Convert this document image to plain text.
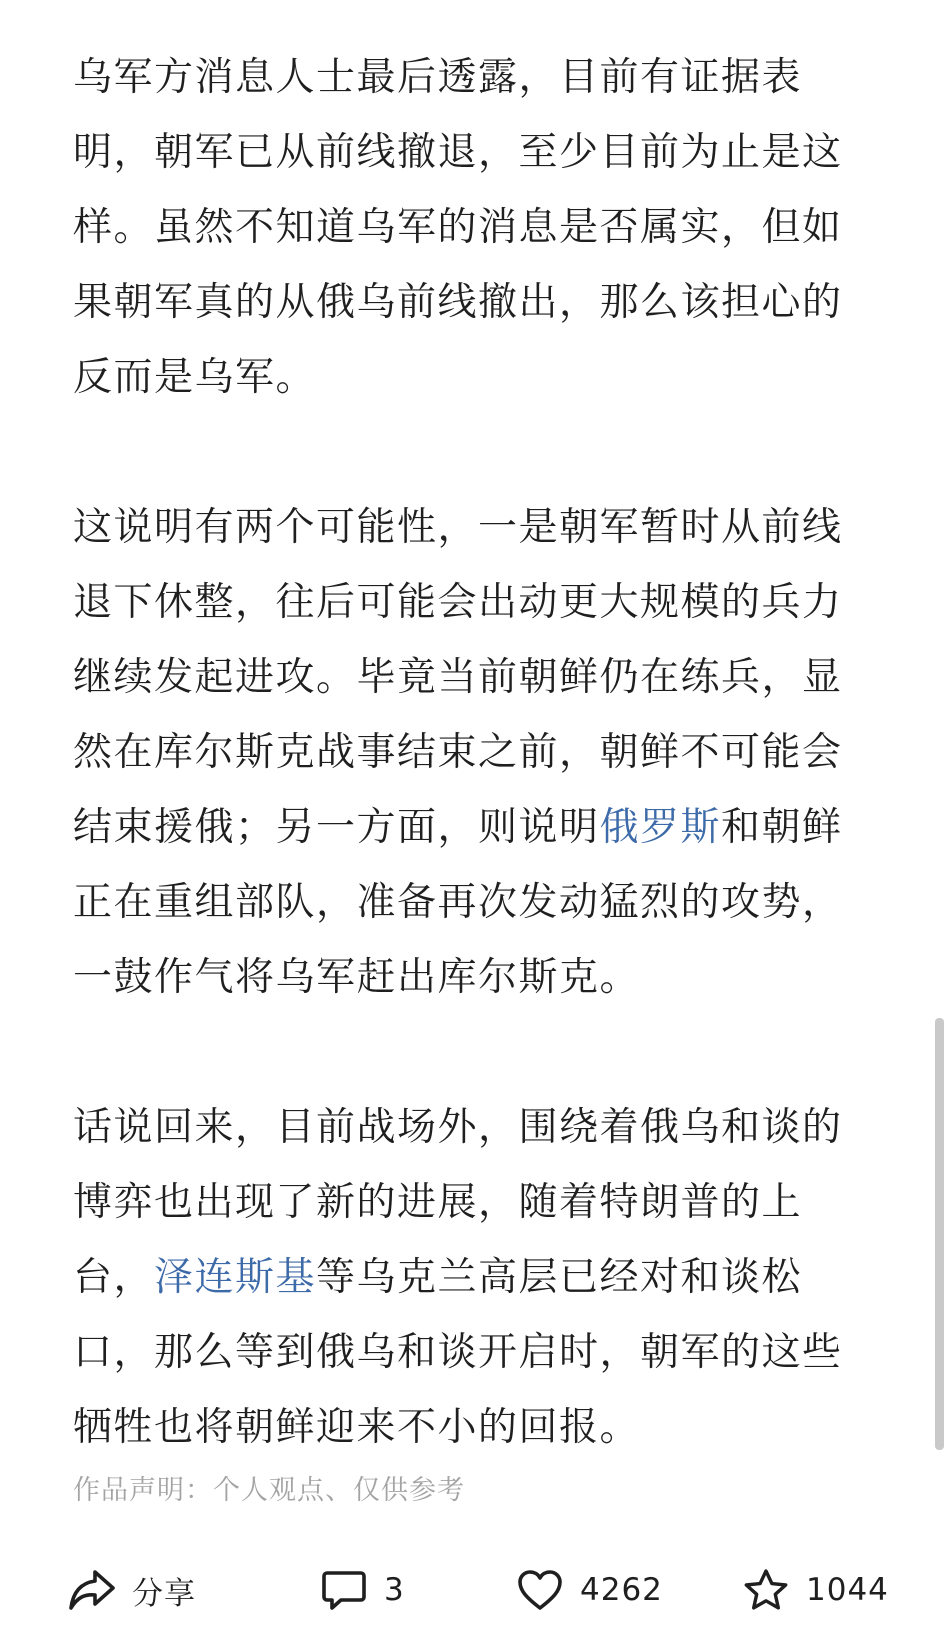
乌军方消息人士最后透露，目前有证据表明，朝军已从前线撤退，至少目前为止是这样。虽然不知道乌军的消息是否属实，但如果朝军真的从俄乌前线撤出，那么该担心的反而是乌军。

这说明有两个可能性，一是朝军暂时从前线退下休整，往后可能会出动更大规模的兵力继续发起进攻。毕竟当前朝鲜仍在练兵，显然在库尔斯克战事结束之前，朝鲜不可能会结束援俄；另一方面，则说明俄罗斯和朝鲜正在重组部队，准备再次发动猛烈的攻势，一鼓作气将乌军赶出库尔斯克。

话说回来，目前战场外，围绕着俄乌和谈的博弈也出现了新的进展，随着特朗普的上台，泽连斯基等乌克兰高层已经对和谈松口，那么等到俄乌和谈开启时，朝军的这些牺牲也将朝鲜迎来不小的回报。

作品声明：个人观点、仅供参考
分享	3	4262	1044
